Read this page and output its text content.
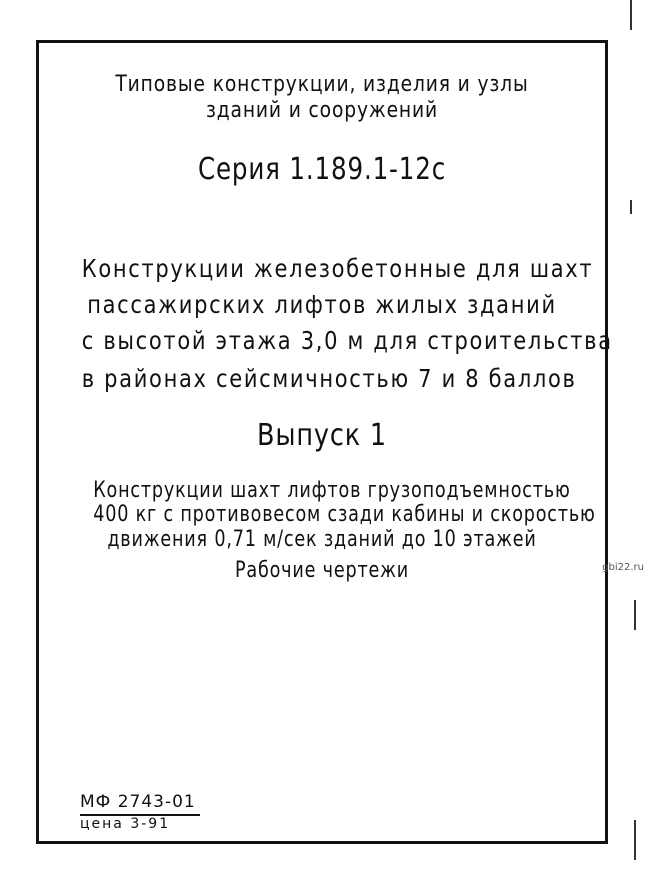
Типовые конструкции, изделия и узлы
зданий и сооружений
Серия 1.189.1-12с
Конструкции железобетонные для шахт
пассажирских лифтов жилых зданий
с высотой этажа 3,0 м для строительства
в районах сейсмичностью 7 и 8 баллов
Выпуск 1
Конструкции шахт лифтов грузоподъемностью
400 кг с противовесом сзади кабины и скоростью
движения 0,71 м/сек зданий до 10 этажей
Рабочие чертежи
МФ 2743-01
цена 3-91
gbi22.ru
